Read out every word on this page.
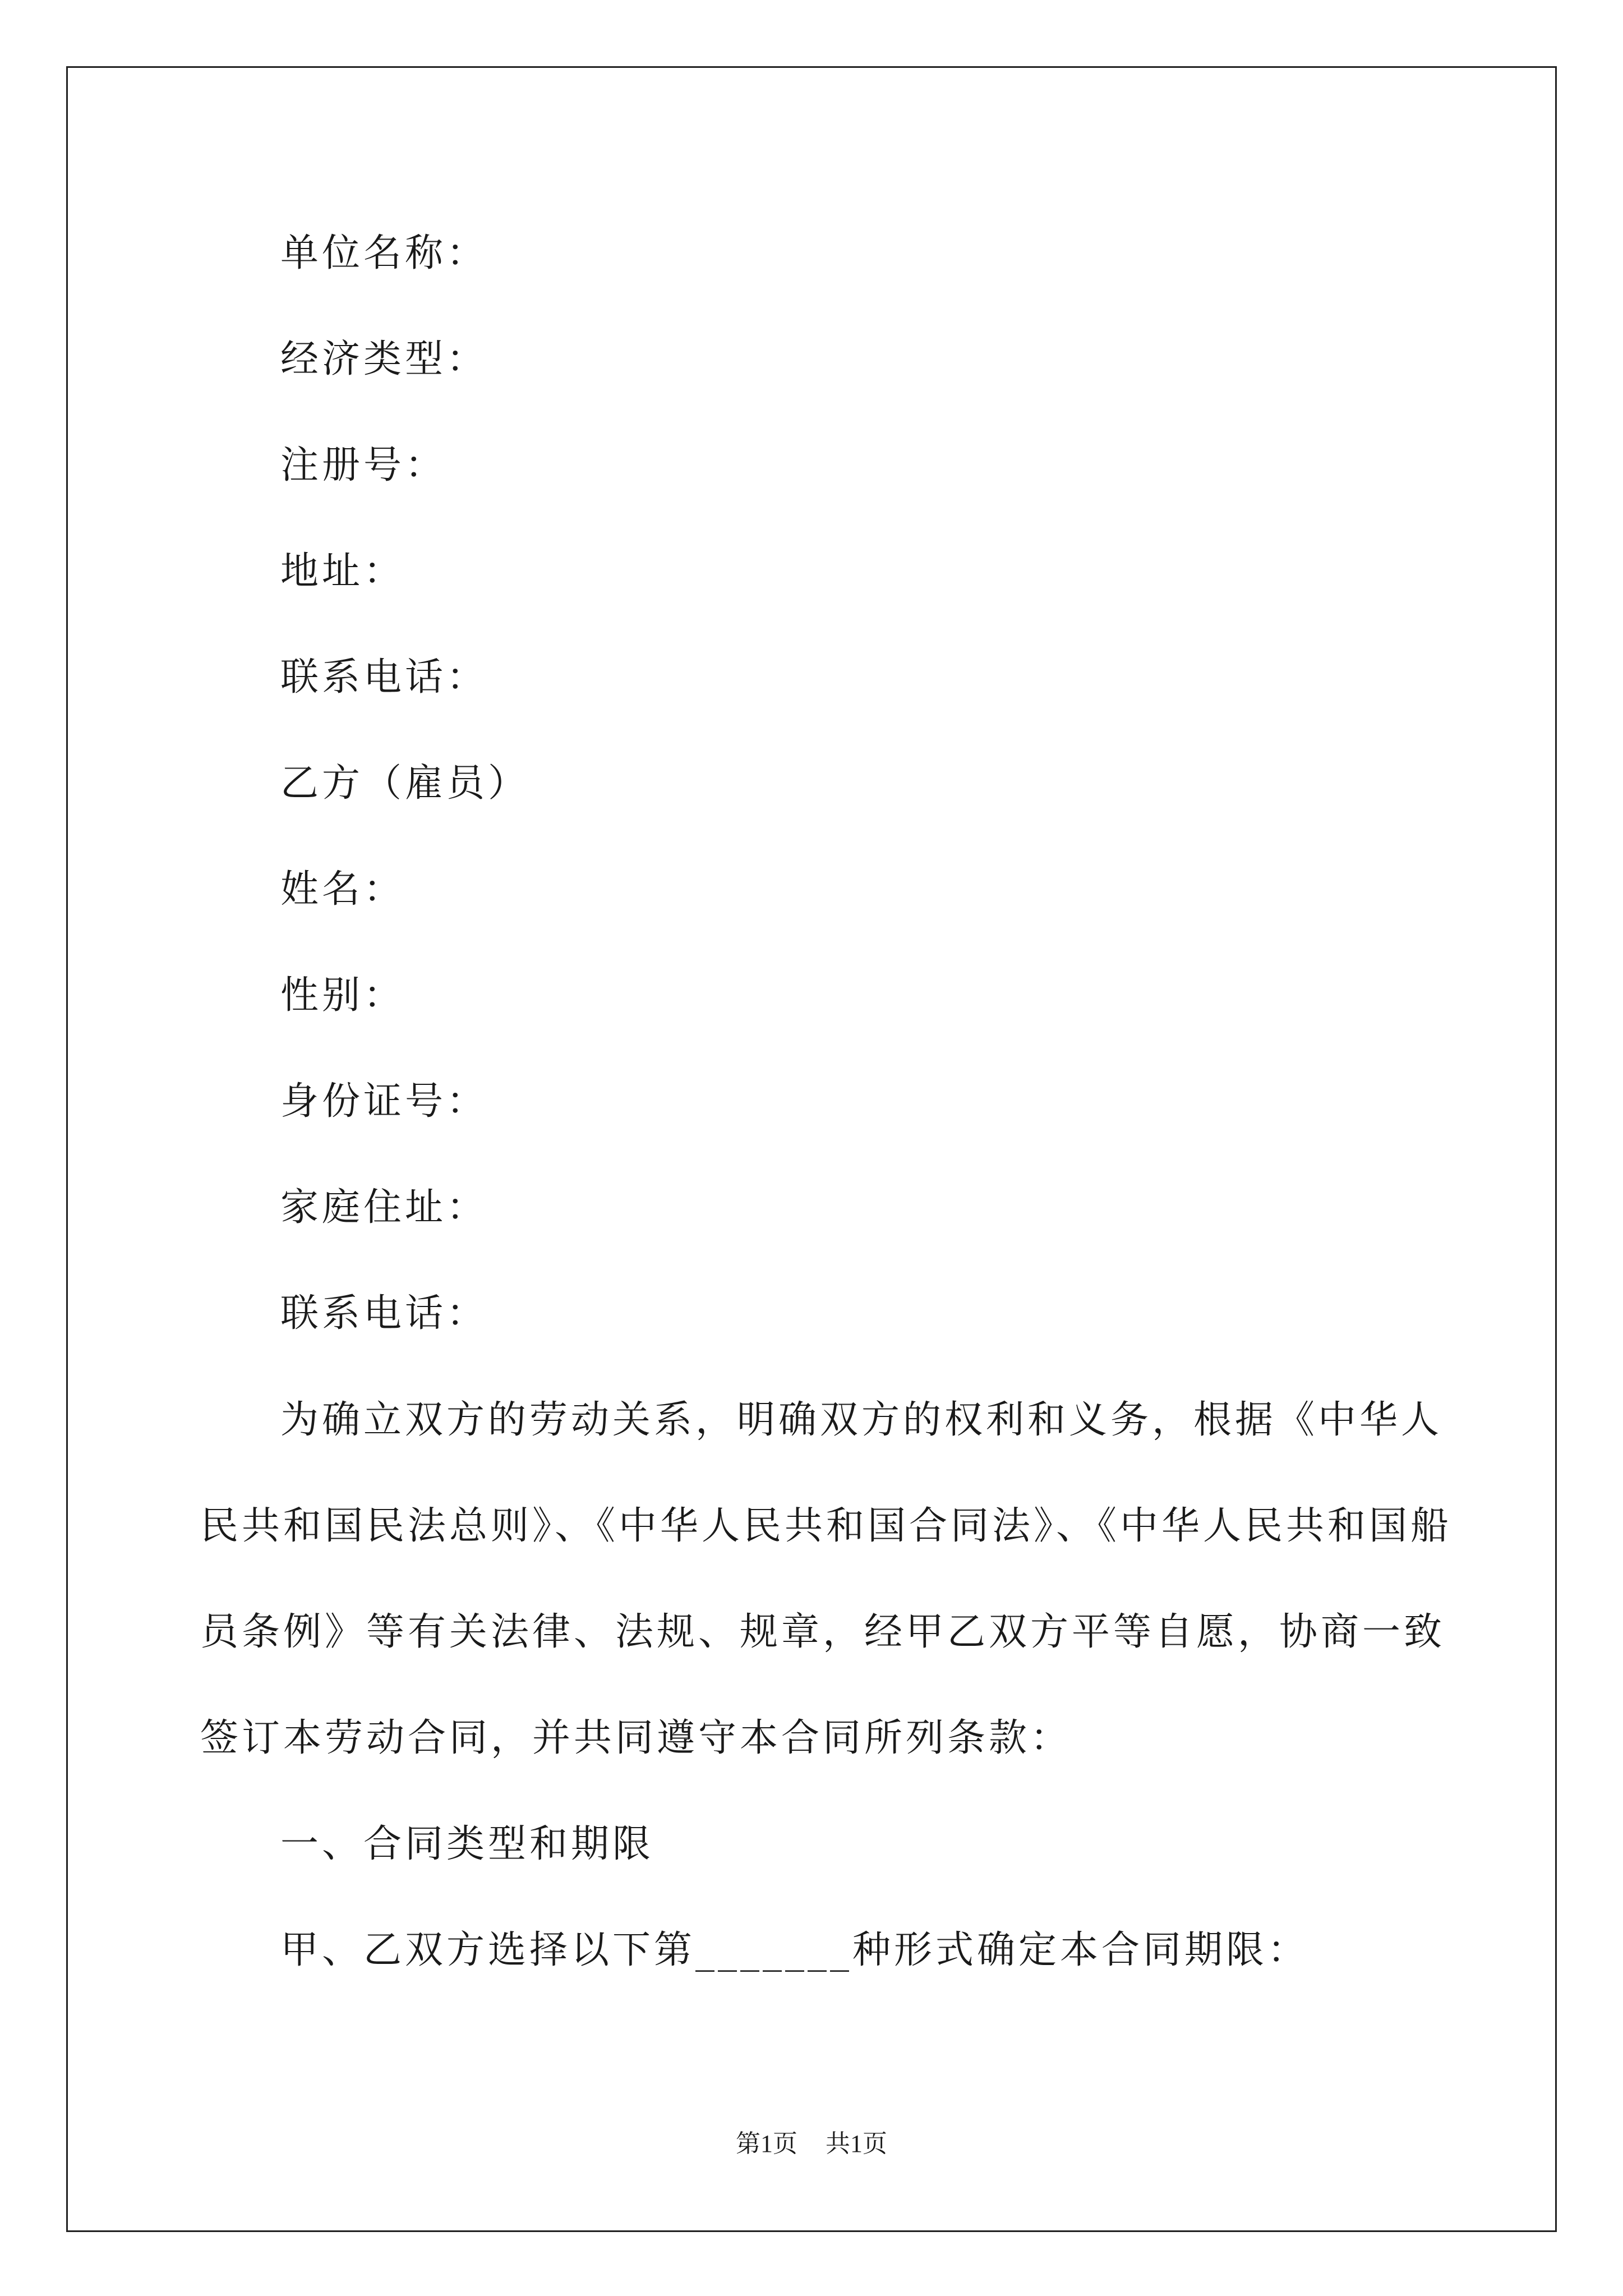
单位名称：
经济类型：
注册号：
地址：
联系电话：
乙方（雇员）
姓名：
性别：
身份证号：
家庭住址：
联系电话：
为确立双方的劳动关系，明确双方的权利和义务，根据《中华人
民共和国民法总则》、《中华人民共和国合同法》、《中华人民共和国船
员条例》等有关法律、法规、规章，经甲乙双方平等自愿，协商一致
签订本劳动合同，并共同遵守本合同所列条款：
一、合同类型和期限
甲、乙双方选择以下第_______种形式确定本合同期限：
第1页 共1页
